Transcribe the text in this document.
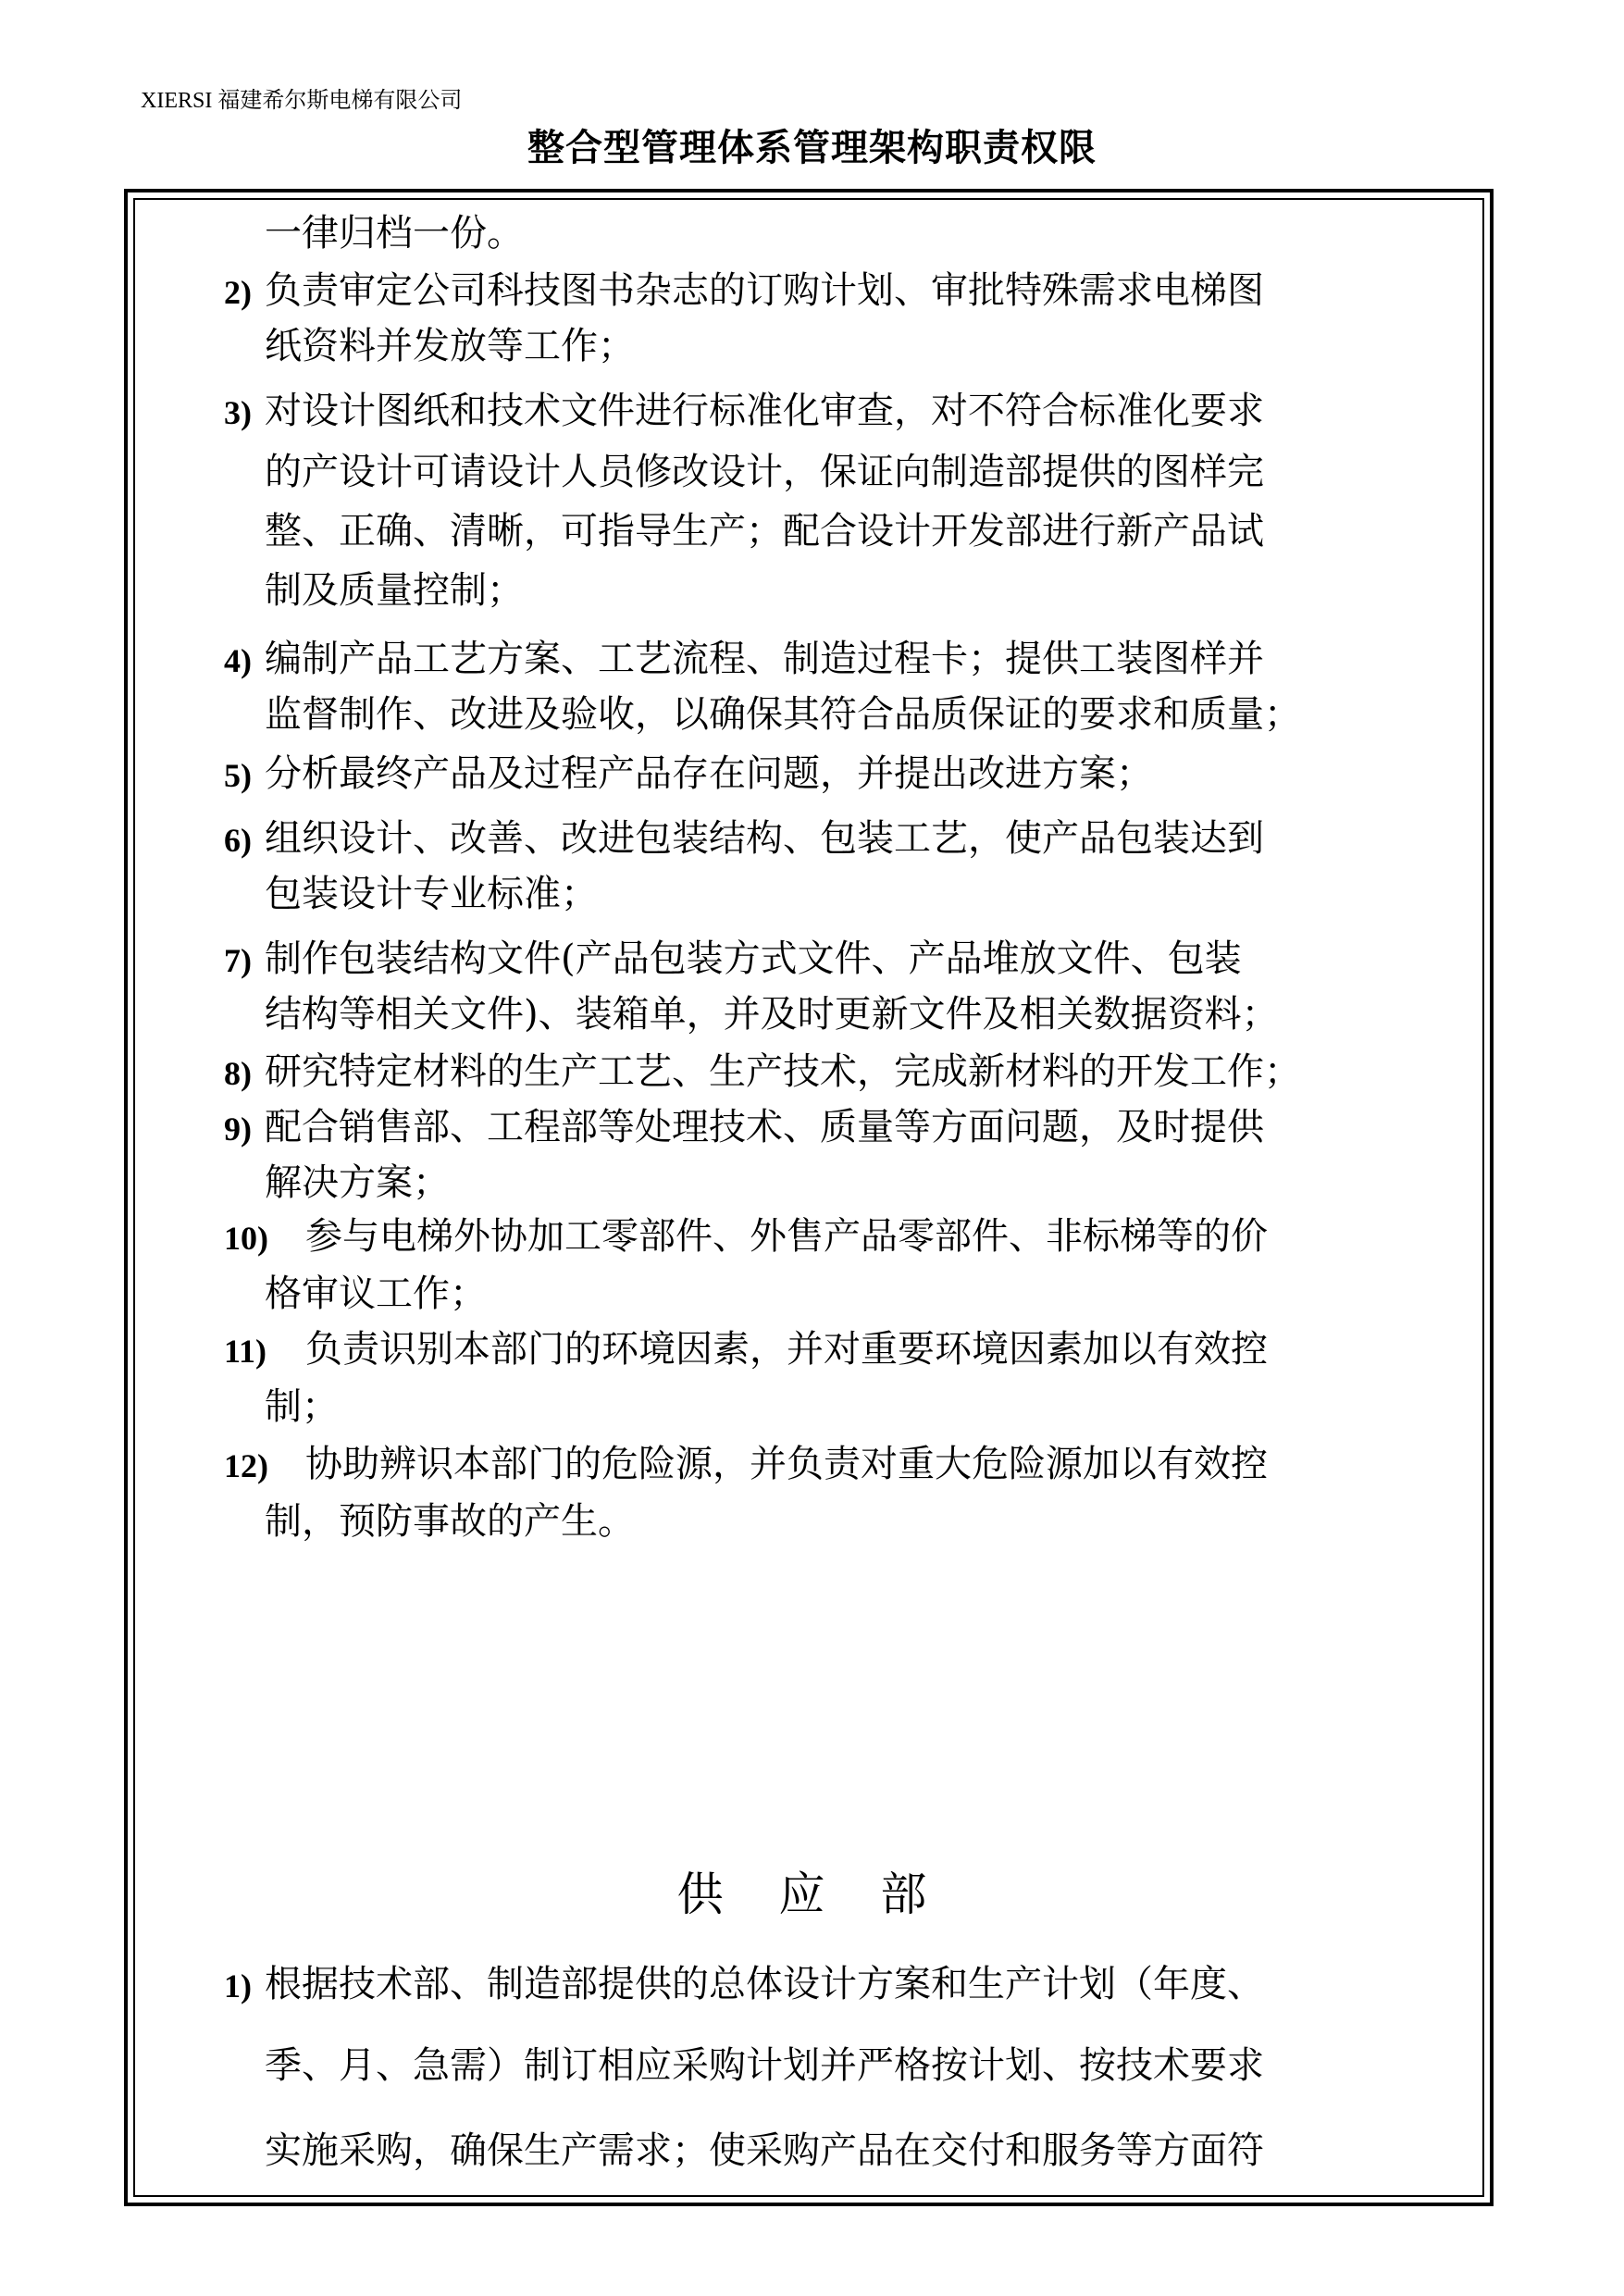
XIERSI 福建希尔斯电梯有限公司
整合型管理体系管理架构职责权限
一律归档一份。
2) 负责审定公司科技图书杂志的订购计划、审批特殊需求电梯图
纸资料并发放等工作；
3) 对设计图纸和技术文件进行标准化审查，对不符合标准化要求
的产设计可请设计人员修改设计，保证向制造部提供的图样完
整、正确、清晰，可指导生产；配合设计开发部进行新产品试
制及质量控制；
4) 编制产品工艺方案、工艺流程、制造过程卡；提供工装图样并
监督制作、改进及验收，以确保其符合品质保证的要求和质量；
5) 分析最终产品及过程产品存在问题，并提出改进方案；
6) 组织设计、改善、改进包装结构、包装工艺，使产品包装达到
包装设计专业标准；
7) 制作包装结构文件(产品包装方式文件、产品堆放文件、包装
结构等相关文件)、装箱单，并及时更新文件及相关数据资料；
8) 研究特定材料的生产工艺、生产技术，完成新材料的开发工作；
9) 配合销售部、工程部等处理技术、质量等方面问题，及时提供
解决方案；
10) 参与电梯外协加工零部件、外售产品零部件、非标梯等的价
格审议工作；
11) 负责识别本部门的环境因素，并对重要环境因素加以有效控
制；
12) 协助辨识本部门的危险源，并负责对重大危险源加以有效控
制，预防事故的产生。
1) 根据技术部、制造部提供的总体设计方案和生产计划（年度、
季、月、急需）制订相应采购计划并严格按计划、按技术要求
实施采购，确保生产需求；使采购产品在交付和服务等方面符
供 应 部
